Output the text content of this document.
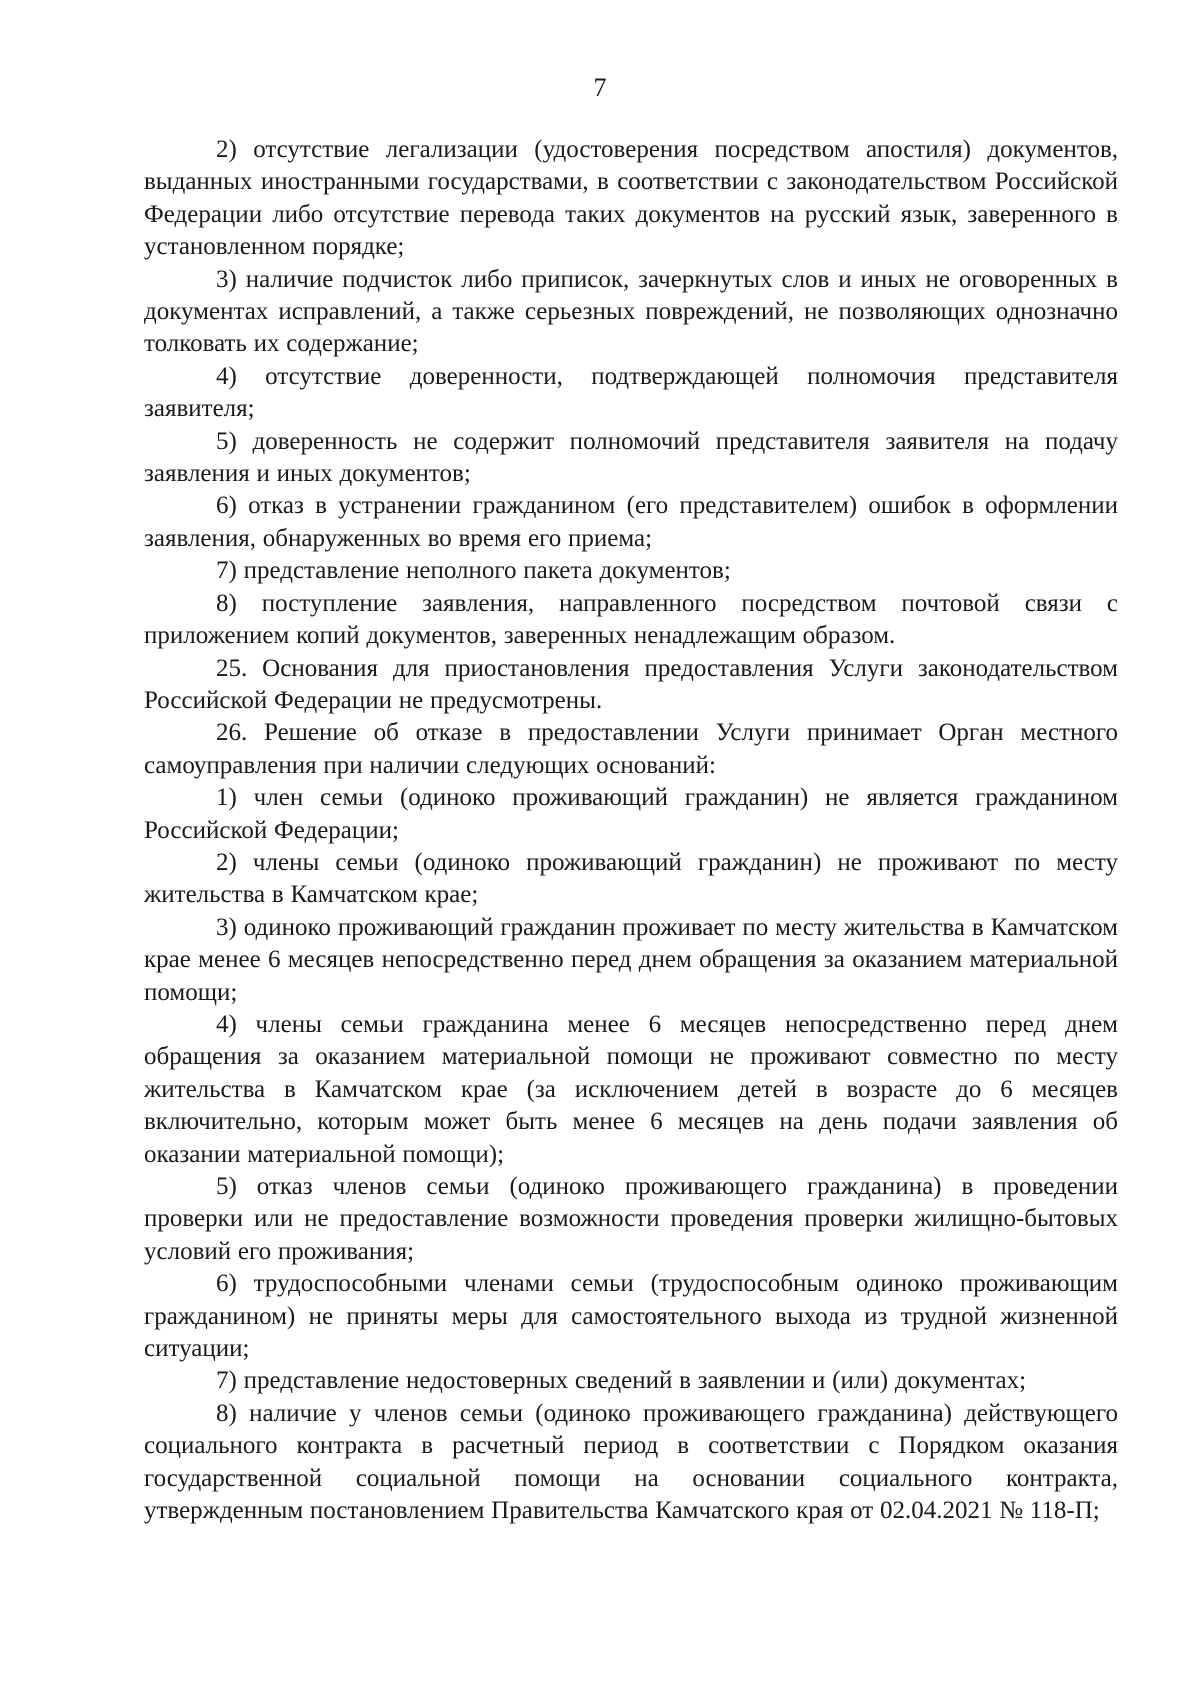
7

2) отсутствие легализации (удостоверения посредством апостиля) документов, выданных иностранными государствами, в соответствии с законодательством Российской Федерации либо отсутствие перевода таких документов на русский язык, заверенного в установленном порядке;

3) наличие подчисток либо приписок, зачеркнутых слов и иных не оговоренных в документах исправлений, а также серьезных повреждений, не позволяющих однозначно толковать их содержание;

4) отсутствие доверенности, подтверждающей полномочия представителя заявителя;

5) доверенность не содержит полномочий представителя заявителя на подачу заявления и иных документов;

6) отказ в устранении гражданином (его представителем) ошибок в оформлении заявления, обнаруженных во время его приема;

7) представление неполного пакета документов;

8) поступление заявления, направленного посредством почтовой связи с приложением копий документов, заверенных ненадлежащим образом.

25. Основания для приостановления предоставления Услуги законодательством Российской Федерации не предусмотрены.

26. Решение об отказе в предоставлении Услуги принимает Орган местного самоуправления при наличии следующих оснований:

1) член семьи (одиноко проживающий гражданин) не является гражданином Российской Федерации;

2) члены семьи (одиноко проживающий гражданин) не проживают по месту жительства в Камчатском крае;

3) одиноко проживающий гражданин проживает по месту жительства в Камчатском крае менее 6 месяцев непосредственно перед днем обращения за оказанием материальной помощи;

4) члены семьи гражданина менее 6 месяцев непосредственно перед днем обращения за оказанием материальной помощи не проживают совместно по месту жительства в Камчатском крае (за исключением детей в возрасте до 6 месяцев включительно, которым может быть менее 6 месяцев на день подачи заявления об оказании материальной помощи);

5) отказ членов семьи (одиноко проживающего гражданина) в проведении проверки или не предоставление возможности проведения проверки жилищно-бытовых условий его проживания;

6) трудоспособными членами семьи (трудоспособным одиноко проживающим гражданином) не приняты меры для самостоятельного выхода из трудной жизненной ситуации;

7) представление недостоверных сведений в заявлении и (или) документах;

8) наличие у членов семьи (одиноко проживающего гражданина) действующего социального контракта в расчетный период в соответствии с Порядком оказания государственной социальной помощи на основании социального контракта, утвержденным постановлением Правительства Камчатского края от 02.04.2021 № 118-П;
